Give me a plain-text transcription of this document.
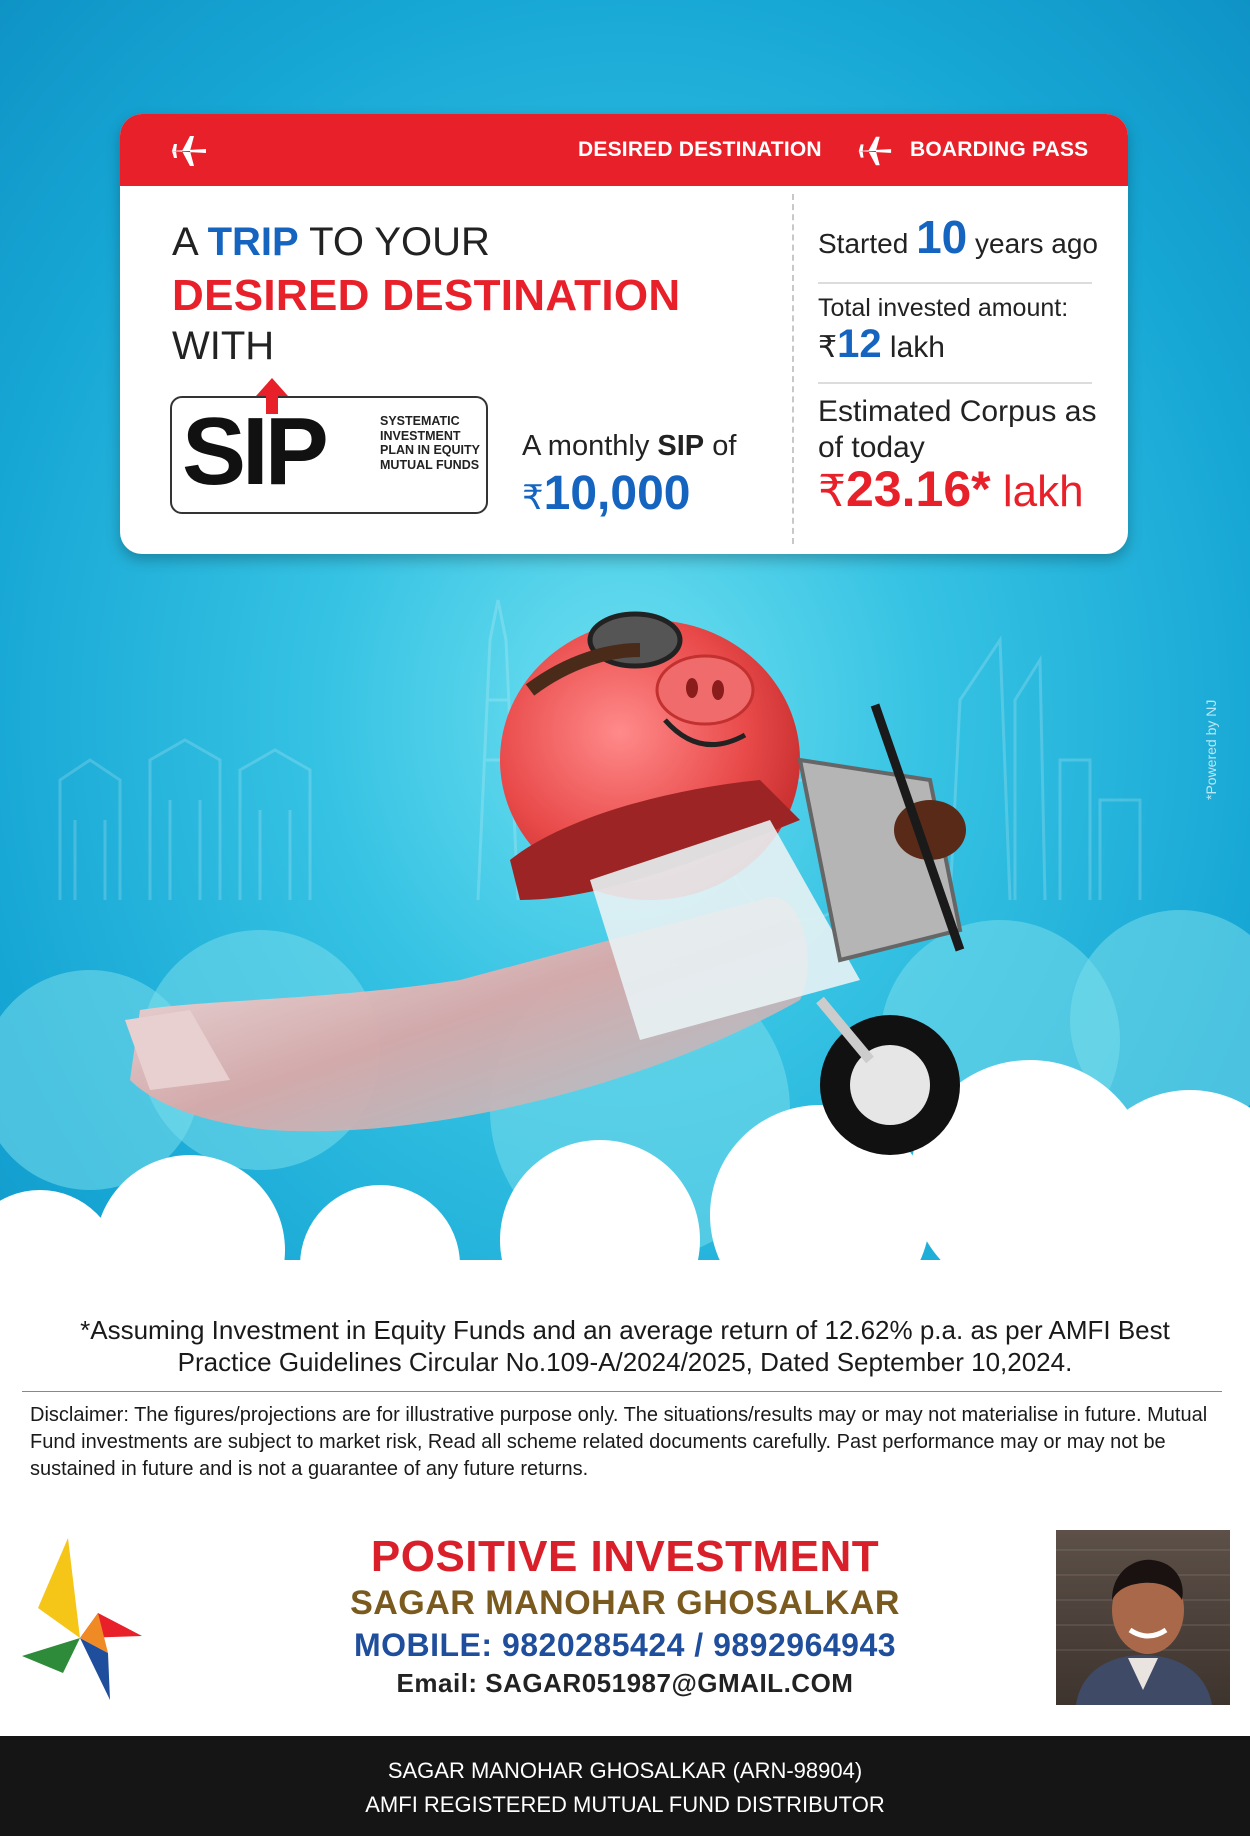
DESIRED DESTINATION	BOARDING PASS
A TRIP TO YOUR
DESIRED DESTINATION
WITH
SIP	SYSTEMATIC INVESTMENT PLAN IN EQUITY MUTUAL FUNDS
A monthly SIP of
₹10,000
Started 10 years ago
Total invested amount:
₹12 lakh
Estimated Corpus as of today
₹23.16* lakh
*Powered by NJ
*Assuming Investment in Equity Funds and an average return of 12.62% p.a. as per AMFI Best Practice Guidelines Circular No.109-A/2024/2025, Dated September 10,2024.
Disclaimer: The figures/projections are for illustrative purpose only. The situations/results may or may not materialise in future. Mutual Fund investments are subject to market risk, Read all scheme related documents carefully. Past performance may or may not be sustained in future and is not a guarantee of any future returns.
POSITIVE INVESTMENT
SAGAR MANOHAR GHOSALKAR
MOBILE: 9820285424 / 9892964943
Email: SAGAR051987@GMAIL.COM
SAGAR MANOHAR GHOSALKAR (ARN-98904)
AMFI REGISTERED MUTUAL FUND DISTRIBUTOR
